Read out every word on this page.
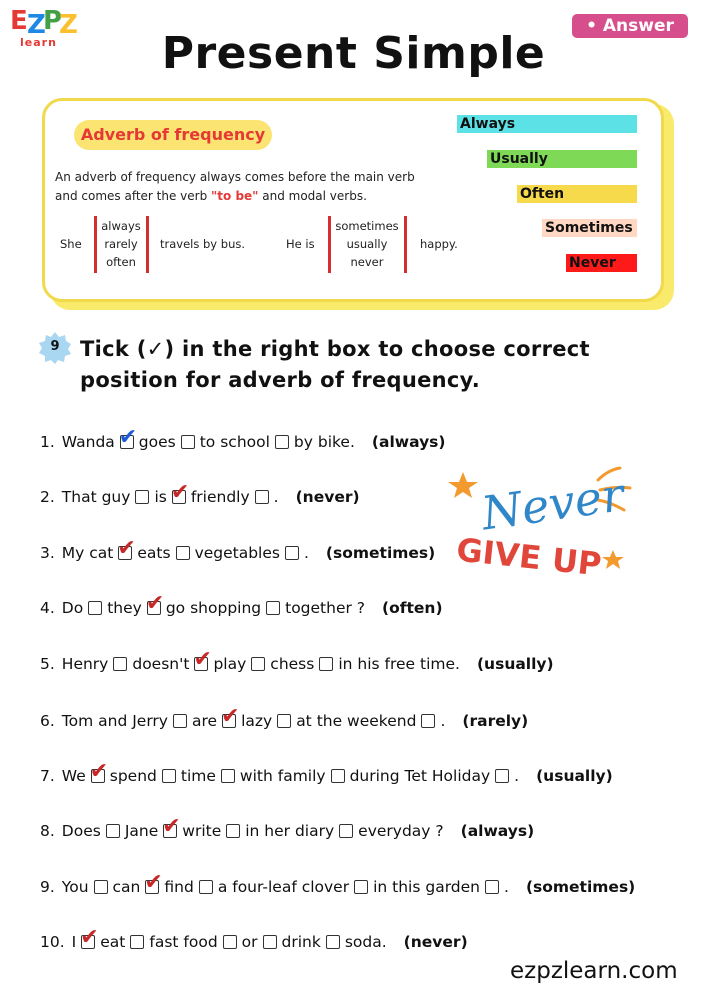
E Z
P
Z
learn
• Answer
Present Simple
Adverb of frequency
An adverb of frequency always comes before the main verb and comes after the verb "to be" and modal verbs.
She
always
rarely
often
travels by bus.	He is
sometimes
usually
never
happy.
Always
Usually
Often
Sometimes
Never
9 Tick (✓) in the right box to choose correct position for adverb of frequency.
1. Wanda ✔ goes to school by bike. (always)
2. That guy is ✔ friendly . (never)
3. My cat ✔ eats vegetables . (sometimes)
4. Do they ✔ go shopping together ? (often)
5. Henry doesn't ✔ play chess in his free time. (usually)
6. Tom and Jerry are ✔ lazy at the weekend . (rarely)
7. We ✔ spend time with family during Tet Holiday . (usually)
8. Does Jane ✔ write in her diary everyday ? (always)
9. You can ✔ find a four-leaf clover in this garden . (sometimes)
10. I ✔ eat fast food or drink soda. (never)
Never
GIVE UP
ezpzlearn.com
